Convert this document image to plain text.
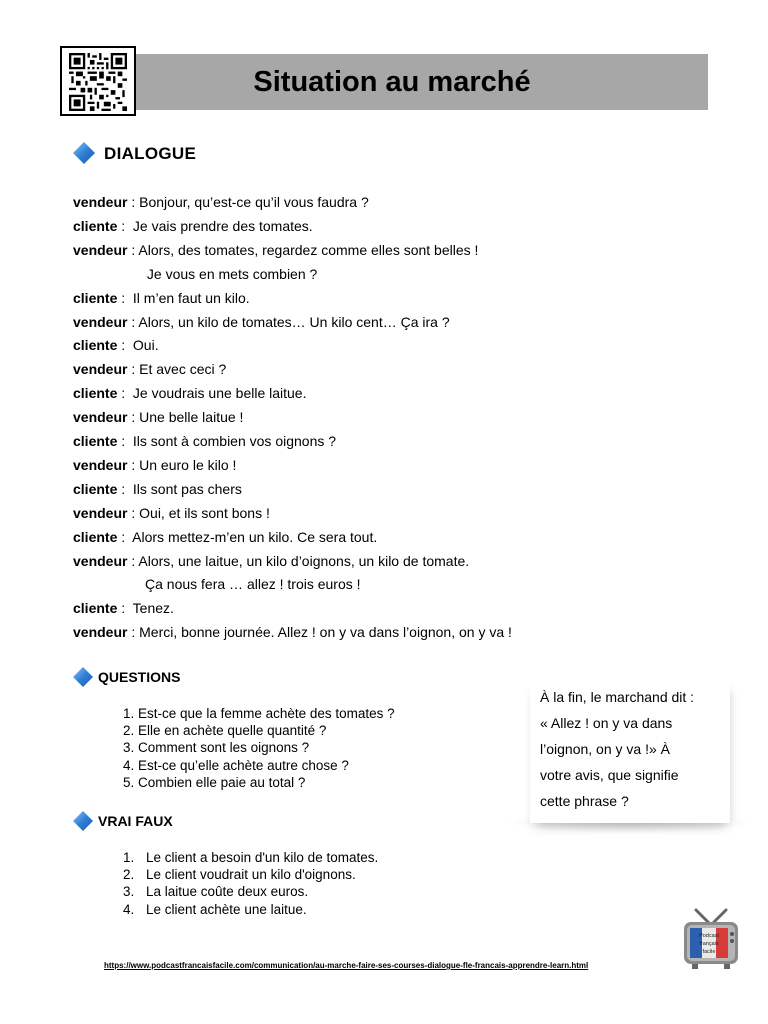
Situation au marché
DIALOGUE
vendeur : Bonjour, qu’est-ce qu’il vous faudra ?
cliente :  Je vais prendre des tomates.
vendeur : Alors, des tomates, regardez comme elles sont belles !
Je vous en mets combien ?
cliente :  Il m’en faut un kilo.
vendeur : Alors, un kilo de tomates… Un kilo cent… Ça ira ?
cliente :  Oui.
vendeur : Et avec ceci ?
cliente :  Je voudrais une belle laitue.
vendeur : Une belle laitue !
cliente :  Ils sont à combien vos oignons ?
vendeur : Un euro le kilo !
cliente :  Ils sont pas chers
vendeur : Oui, et ils sont bons !
cliente :  Alors mettez-m’en un kilo. Ce sera tout.
vendeur : Alors, une laitue, un kilo d’oignons, un kilo de tomate.
Ça nous fera … allez ! trois euros !
cliente :  Tenez.
vendeur : Merci, bonne journée. Allez ! on y va dans l’oignon, on y va !
QUESTIONS
1. Est-ce que la femme achète des tomates ?
2. Elle en achète quelle quantité ?
3. Comment sont les oignons ?
4. Est-ce qu’elle achète autre chose ?
5. Combien elle paie au total ?
À la fin, le marchand dit :
« Allez ! on y va dans
l’oignon, on y va !» À
votre avis, que signifie
cette phrase ?
VRAI FAUX
1. Le client a besoin d'un kilo de tomates.
2. Le client voudrait un kilo d'oignons.
3. La laitue coûte deux euros.
4. Le client achète une laitue.
https://www.podcastfrancaisfacile.com/communication/au-marche-faire-ses-courses-dialogue-fle-francais-apprendre-learn.html
Podcast
français
facile
